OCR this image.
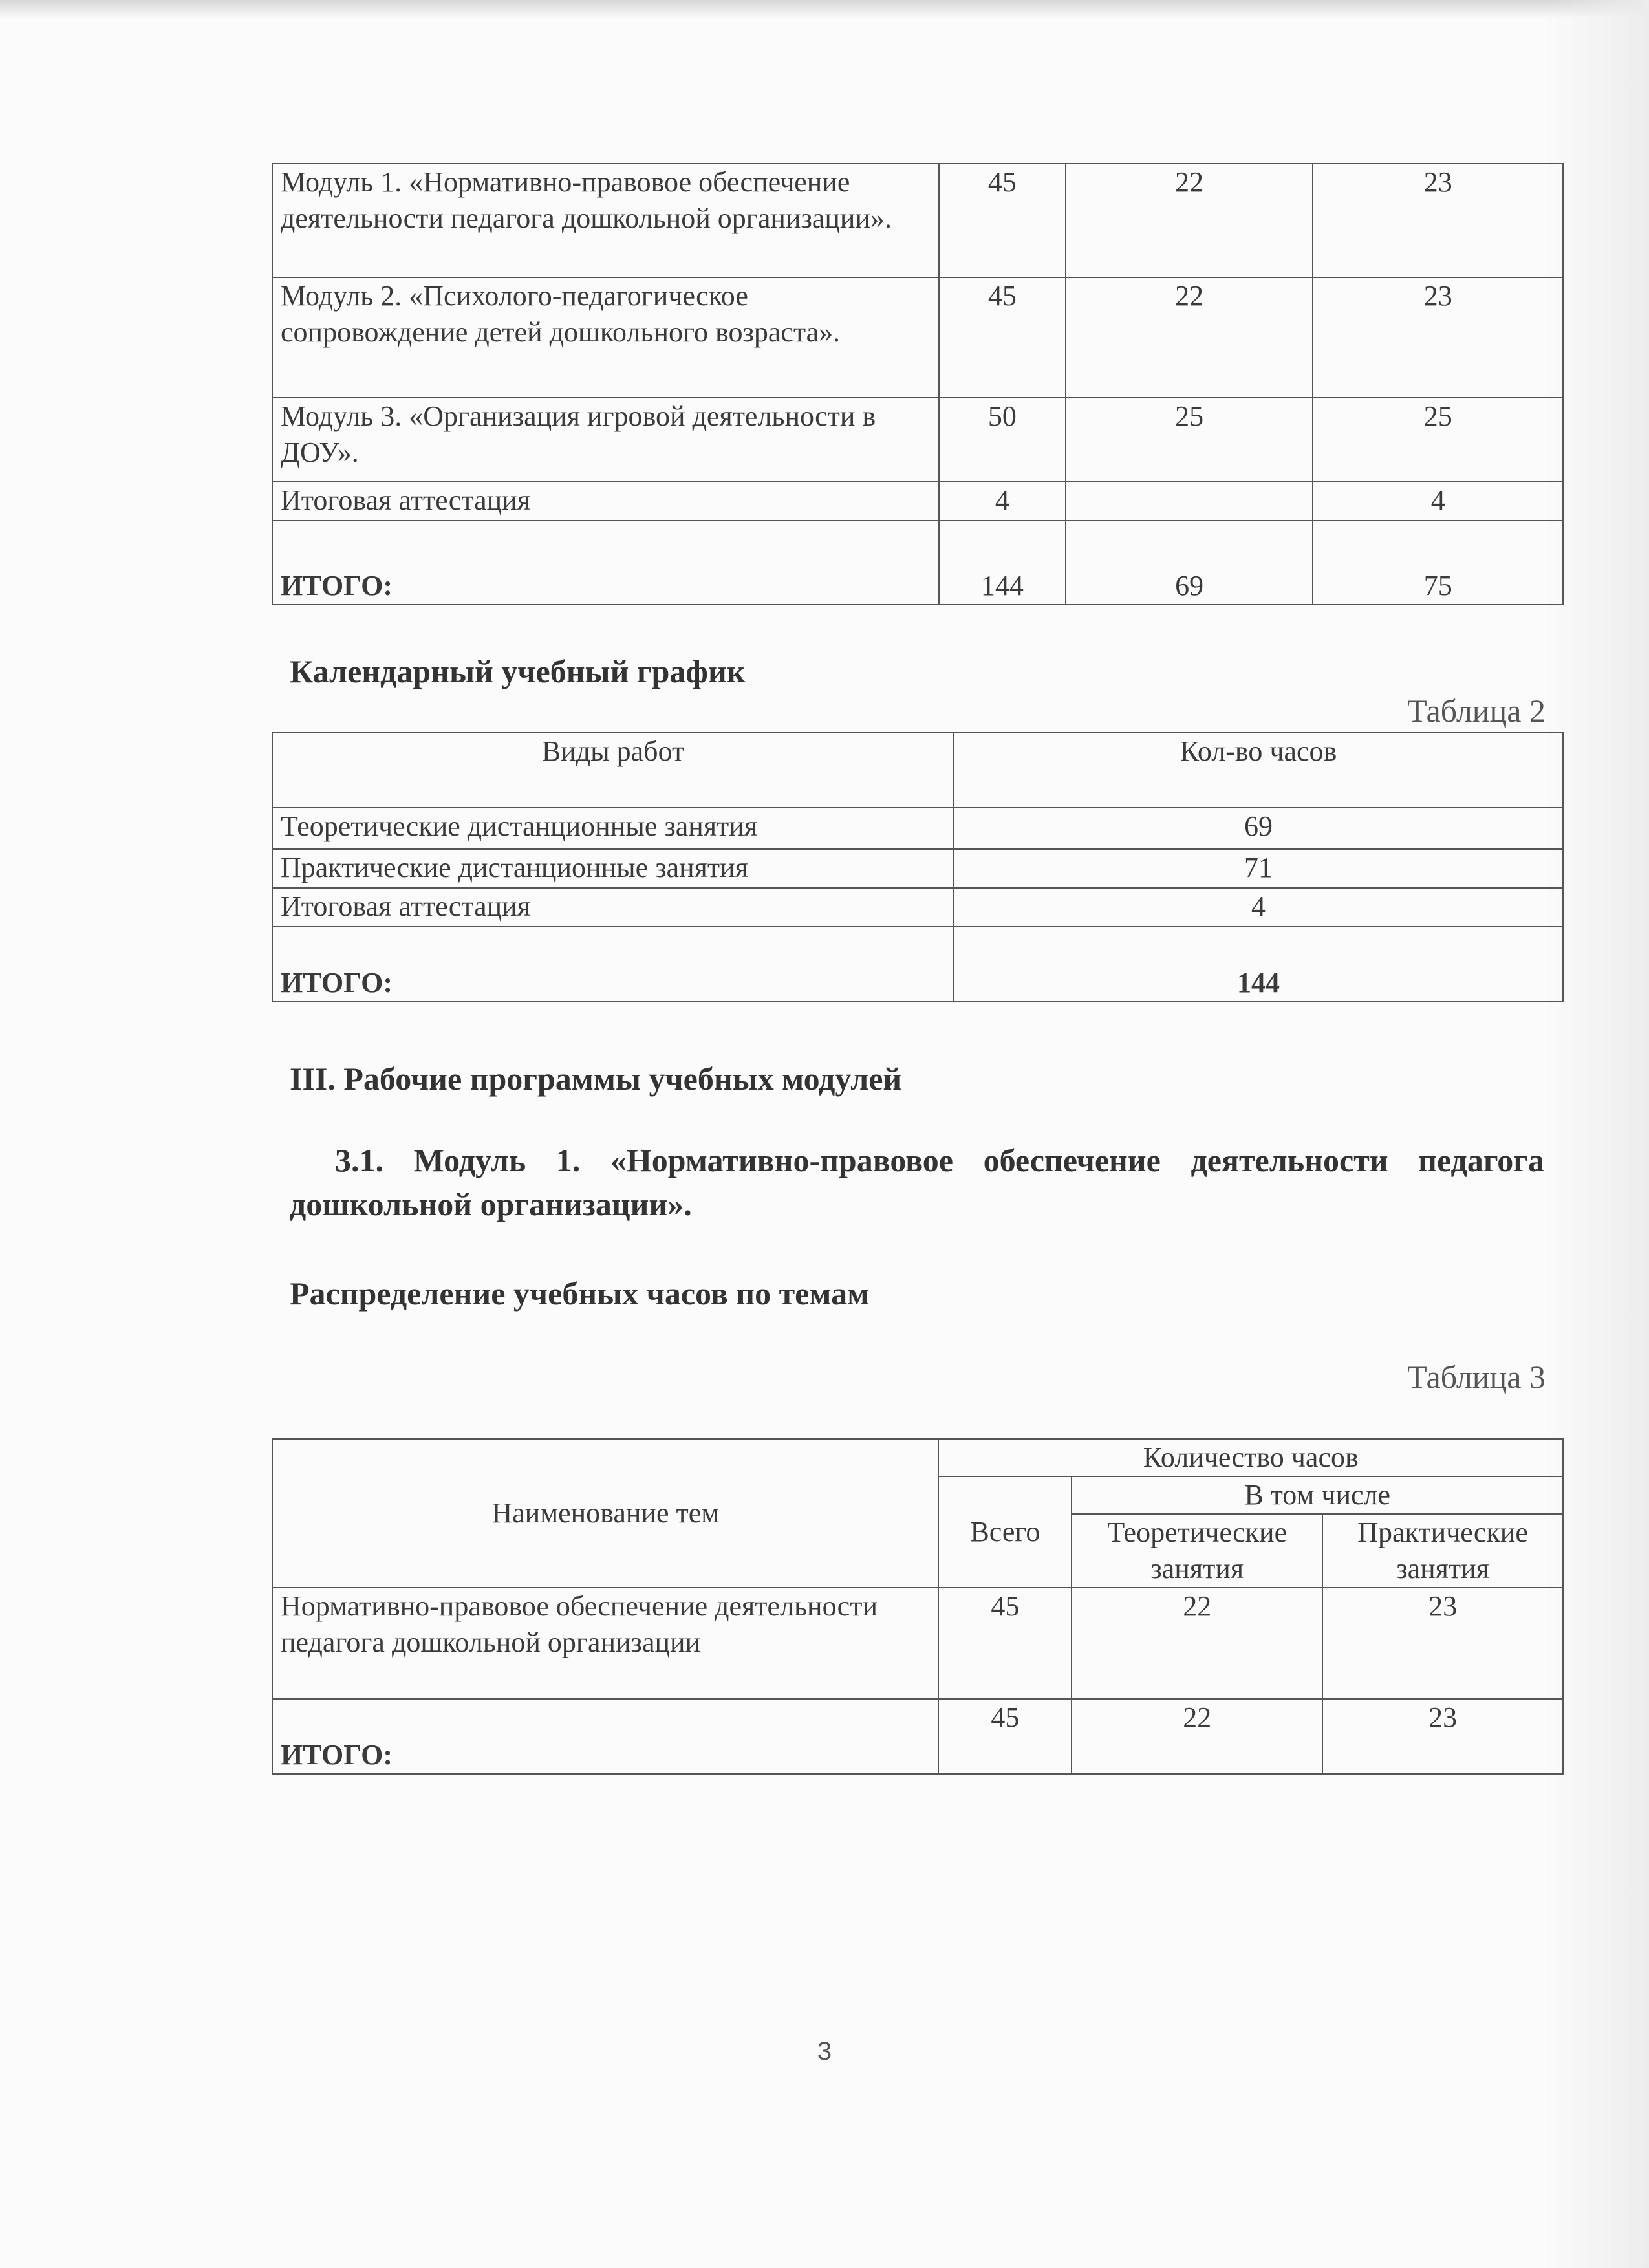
Модуль 1. «Нормативно-правовое обеспечение деятельности педагога дошкольной организации».	45	22	23
Модуль 2. «Психолого-педагогическое сопровождение детей дошкольного возраста».	45	22	23
Модуль 3. «Организация игровой деятельности в ДОУ».	50	25	25
Итоговая аттестация	4		4
ИТОГО:	144	69	75
Календарный учебный график
Таблица 2
Виды работ	Кол-во часов
Теоретические дистанционные занятия	69
Практические дистанционные занятия	71
Итоговая аттестация	4
ИТОГО:	144
III. Рабочие программы учебных модулей
3.1. Модуль 1. «Нормативно-правовое обеспечение деятельности педагога дошкольной организации».
Распределение учебных часов по темам
Таблица 3
Наименование тем	Количество часов		
	Всего	В том числе	
		Теоретические занятия	Практические занятия
Нормативно-правовое обеспечение деятельности педагога дошкольной организации	45	22	23
ИТОГО:	45	22	23
3
